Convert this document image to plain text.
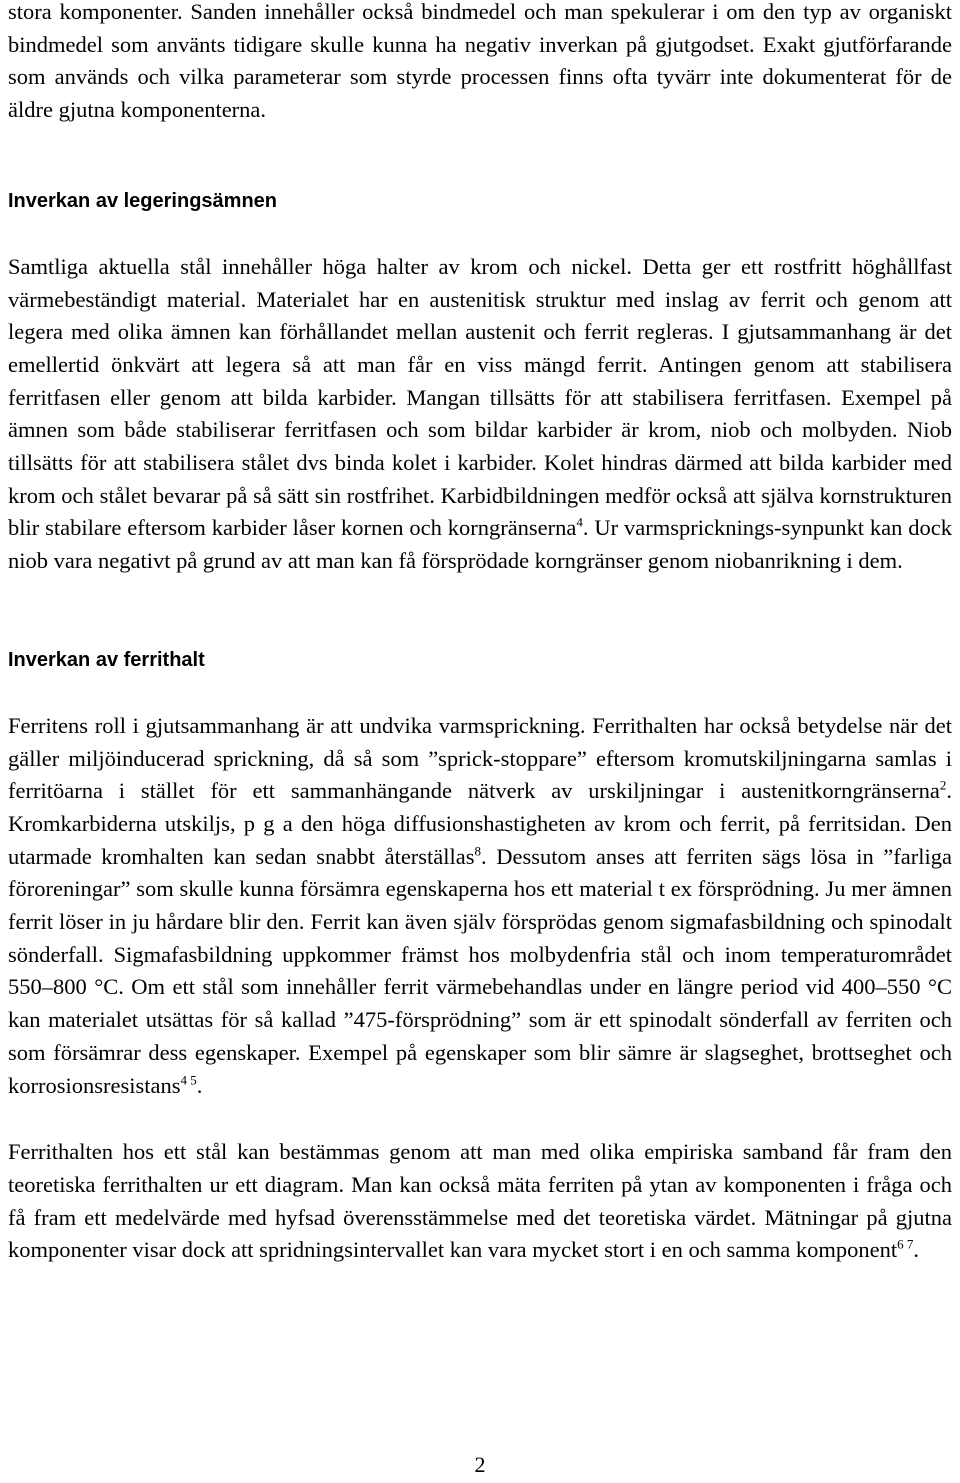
stora komponenter. Sanden innehåller också bindmedel och man spekulerar i om den typ av organiskt bindmedel som använts tidigare skulle kunna ha negativ inverkan på gjutgodset. Exakt gjutförfarande som används och vilka parameterar som styrde processen finns ofta tyvärr inte dokumenterat för de äldre gjutna komponenterna.

Inverkan av legeringsämnen

Samtliga aktuella stål innehåller höga halter av krom och nickel. Detta ger ett rostfritt höghållfast värmebeständigt material. Materialet har en austenitisk struktur med inslag av ferrit och genom att legera med olika ämnen kan förhållandet mellan austenit och ferrit regleras. I gjutsammanhang är det emellertid önkvärt att legera så att man får en viss mängd ferrit. Antingen genom att stabilisera ferritfasen eller genom att bilda karbider. Mangan tillsätts för att stabilisera ferritfasen. Exempel på ämnen som både stabiliserar ferritfasen och som bildar karbider är krom, niob och molbyden. Niob tillsätts för att stabilisera stålet dvs binda kolet i karbider. Kolet hindras därmed att bilda karbider med krom och stålet bevarar på så sätt sin rostfrihet. Karbidbildningen medför också att själva kornstrukturen blir stabilare eftersom karbider låser kornen och korngränserna$^4$. Ur varmspricknings-synpunkt kan dock niob vara negativt på grund av att man kan få försprödade korngränser genom niobanrikning i dem.

Inverkan av ferrithalt

Ferritens roll i gjutsammanhang är att undvika varmsprickning. Ferrithalten har också betydelse när det gäller miljöinducerad sprickning, då så som ”sprick-stoppare” eftersom kromutskiljningarna samlas i ferritöarna i stället för ett sammanhängande nätverk av urskiljningar i austenitkorngränserna$^2$. Kromkarbiderna utskiljs, p g a den höga diffusionshastigheten av krom och ferrit, på ferritsidan. Den utarmade kromhalten kan sedan snabbt återställas$^8$. Dessutom anses att ferriten sägs lösa in ”farliga föroreningar” som skulle kunna försämra egenskaperna hos ett material t ex försprödning. Ju mer ämnen ferrit löser in ju hårdare blir den. Ferrit kan även själv försprödas genom sigmafasbildning och spinodalt sönderfall. Sigmafasbildning uppkommer främst hos molbydenfria stål och inom temperaturområdet 550–800 °C. Om ett stål som innehåller ferrit värmebehandlas under en längre period vid 400–550 °C kan materialet utsättas för så kallad ”475-försprödning” som är ett spinodalt sönderfall av ferriten och som försämrar dess egenskaper. Exempel på egenskaper som blir sämre är slagseghet, brottseghet och korrosionsresistans$^{4 5}$.

Ferrithalten hos ett stål kan bestämmas genom att man med olika empiriska samband får fram den teoretiska ferrithalten ur ett diagram. Man kan också mäta ferriten på ytan av komponenten i fråga och få fram ett medelvärde med hyfsad överensstämmelse med det teoretiska värdet. Mätningar på gjutna komponenter visar dock att spridningsintervallet kan vara mycket stort i en och samma komponent$^{6 7}$.

2
